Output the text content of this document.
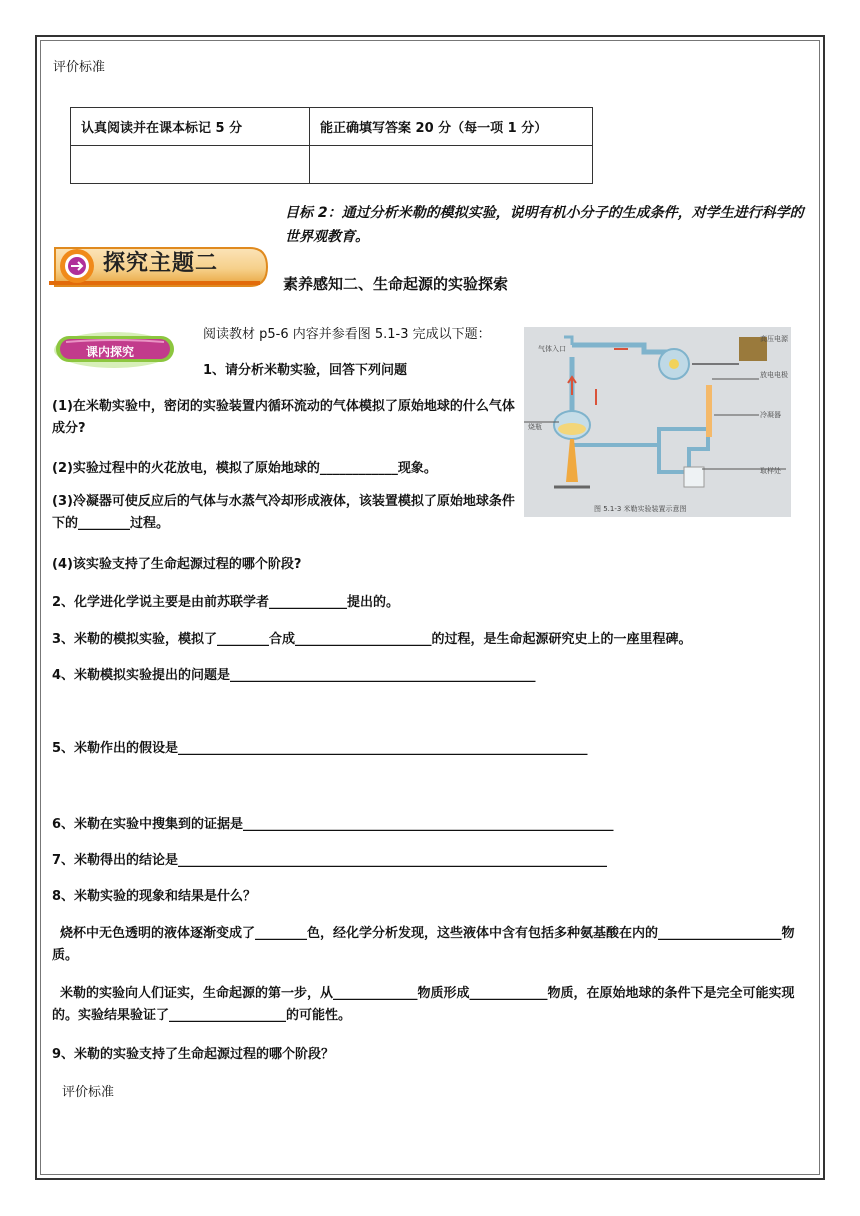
评价标准
认真阅读并在课本标记 5 分	能正确填写答案 20 分（每一项 1 分）

目标 2：通过分析米勒的模拟实验，说明有机小分子的生成条件，对学生进行科学的世界观教育。
探究主题二
素养感知二、生命起源的实验探索
课内探究
阅读教材 p5-6 内容并参看图 5.1-3 完成以下题：
1、请分析米勒实验，回答下列问题
气体入口
高压电源
放电电极
冷凝器
烧瓶
取样处
图 5.1-3 米勒实验装置示意图
(1)在米勒实验中，密闭的实验装置内循环流动的气体模拟了原始地球的什么气体成分?
(2)实验过程中的火花放电，模拟了原始地球的____________现象。
(3)冷凝器可使反应后的气体与水蒸气冷却形成液体，该装置模拟了原始地球条件下的________过程。
(4)该实验支持了生命起源过程的哪个阶段?
2、化学进化学说主要是由前苏联学者____________提出的。
3、米勒的模拟实验，模拟了________合成_____________________的过程，是生命起源研究史上的一座里程碑。
4、米勒模拟实验提出的问题是_______________________________________________
5、米勒作出的假设是_______________________________________________________________
6、米勒在实验中搜集到的证据是_________________________________________________________
7、米勒得出的结论是__________________________________________________________________
8、米勒实验的现象和结果是什么？
烧杯中无色透明的液体逐渐变成了________色，经化学分析发现，这些液体中含有包括多种氨基酸在内的___________________物质。
米勒的实验向人们证实，生命起源的第一步，从_____________物质形成____________物质，在原始地球的条件下是完全可能实现的。实验结果验证了__________________的可能性。
9、米勒的实验支持了生命起源过程的哪个阶段？
评价标准
